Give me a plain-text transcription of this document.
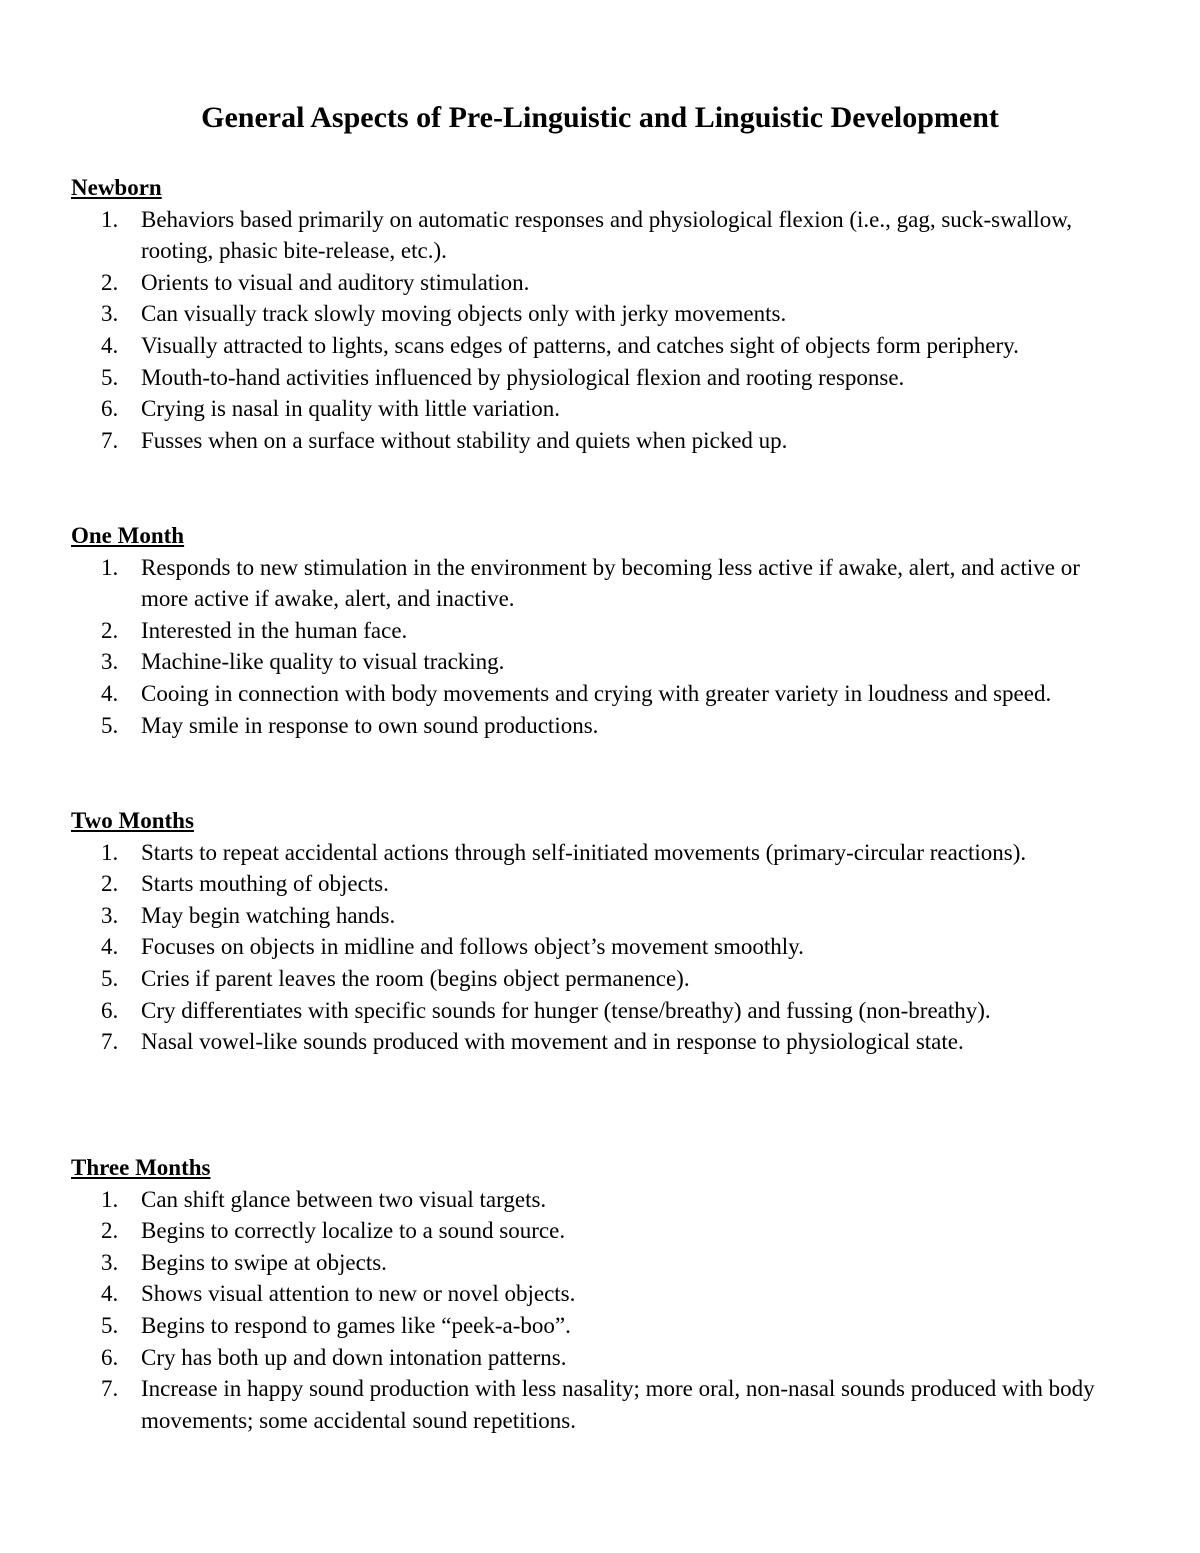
General Aspects of Pre-Linguistic and Linguistic Development
Newborn
1. Behaviors based primarily on automatic responses and physiological flexion (i.e., gag, suck-swallow, rooting, phasic bite-release, etc.).
2. Orients to visual and auditory stimulation.
3. Can visually track slowly moving objects only with jerky movements.
4. Visually attracted to lights, scans edges of patterns, and catches sight of objects form periphery.
5. Mouth-to-hand activities influenced by physiological flexion and rooting response.
6. Crying is nasal in quality with little variation.
7. Fusses when on a surface without stability and quiets when picked up.
One Month
1. Responds to new stimulation in the environment by becoming less active if awake, alert, and active or more active if awake, alert, and inactive.
2. Interested in the human face.
3. Machine-like quality to visual tracking.
4. Cooing in connection with body movements and crying with greater variety in loudness and speed.
5. May smile in response to own sound productions.
Two Months
1. Starts to repeat accidental actions through self-initiated movements (primary-circular reactions).
2. Starts mouthing of objects.
3. May begin watching hands.
4. Focuses on objects in midline and follows object’s movement smoothly.
5. Cries if parent leaves the room (begins object permanence).
6. Cry differentiates with specific sounds for hunger (tense/breathy) and fussing (non-breathy).
7. Nasal vowel-like sounds produced with movement and in response to physiological state.
Three Months
1. Can shift glance between two visual targets.
2. Begins to correctly localize to a sound source.
3. Begins to swipe at objects.
4. Shows visual attention to new or novel objects.
5. Begins to respond to games like “peek-a-boo”.
6. Cry has both up and down intonation patterns.
7. Increase in happy sound production with less nasality; more oral, non-nasal sounds produced with body movements; some accidental sound repetitions.
